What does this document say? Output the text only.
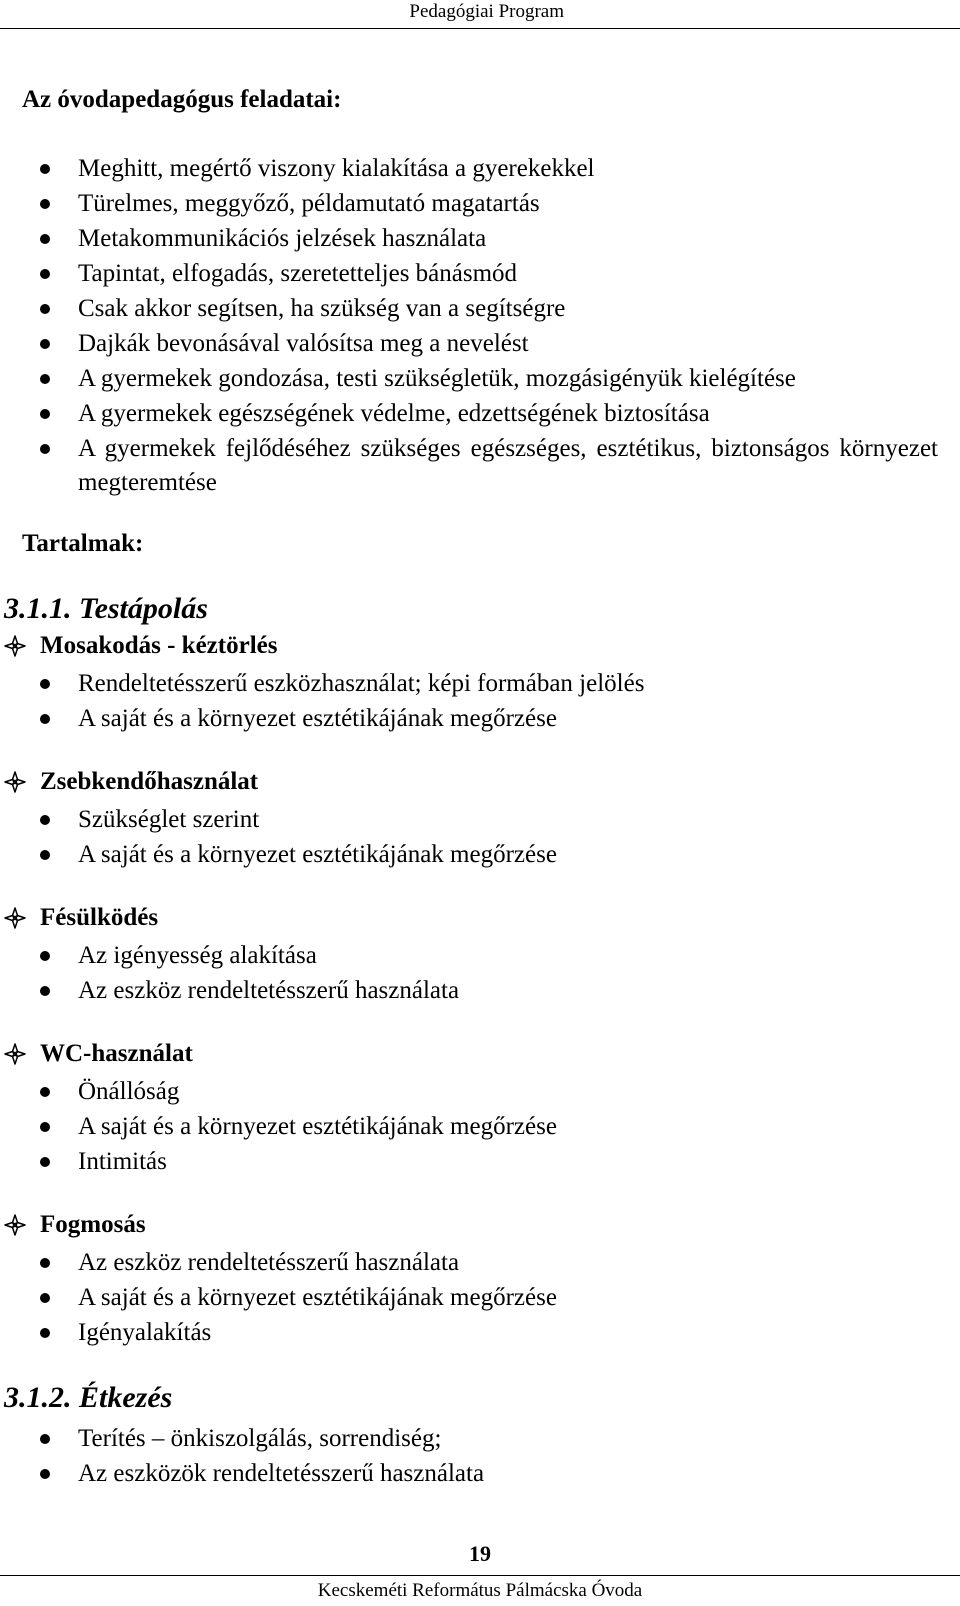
Pedagógiai Program
Az óvodapedagógus feladatai:
Meghitt, megértő viszony kialakítása a gyerekekkel
Türelmes, meggyőző, példamutató magatartás
Metakommunikációs jelzések használata
Tapintat, elfogadás, szeretetteljes bánásmód
Csak akkor segítsen, ha szükség van a segítségre
Dajkák bevonásával valósítsa meg a nevelést
A gyermekek gondozása, testi szükségletük, mozgásigényük kielégítése
A gyermekek egészségének védelme, edzettségének biztosítása
A gyermekek fejlődéséhez szükséges egészséges, esztétikus, biztonságos környezet megteremtése
Tartalmak:
3.1.1. Testápolás
Mosakodás - kéztörlés
Rendeltetésszerű eszközhasználat; képi formában jelölés
A saját és a környezet esztétikájának megőrzése
Zsebkendőhasználat
Szükséglet szerint
A saját és a környezet esztétikájának megőrzése
Fésülködés
Az igényesség alakítása
Az eszköz rendeltetésszerű használata
WC-használat
Önállóság
A saját és a környezet esztétikájának megőrzése
Intimitás
Fogmosás
Az eszköz rendeltetésszerű használata
A saját és a környezet esztétikájának megőrzése
Igényalakítás
3.1.2. Étkezés
Terítés – önkiszolgálás, sorrendiség;
Az eszközök rendeltetésszerű használata
19
Kecskeméti Református Pálmácska Óvoda
